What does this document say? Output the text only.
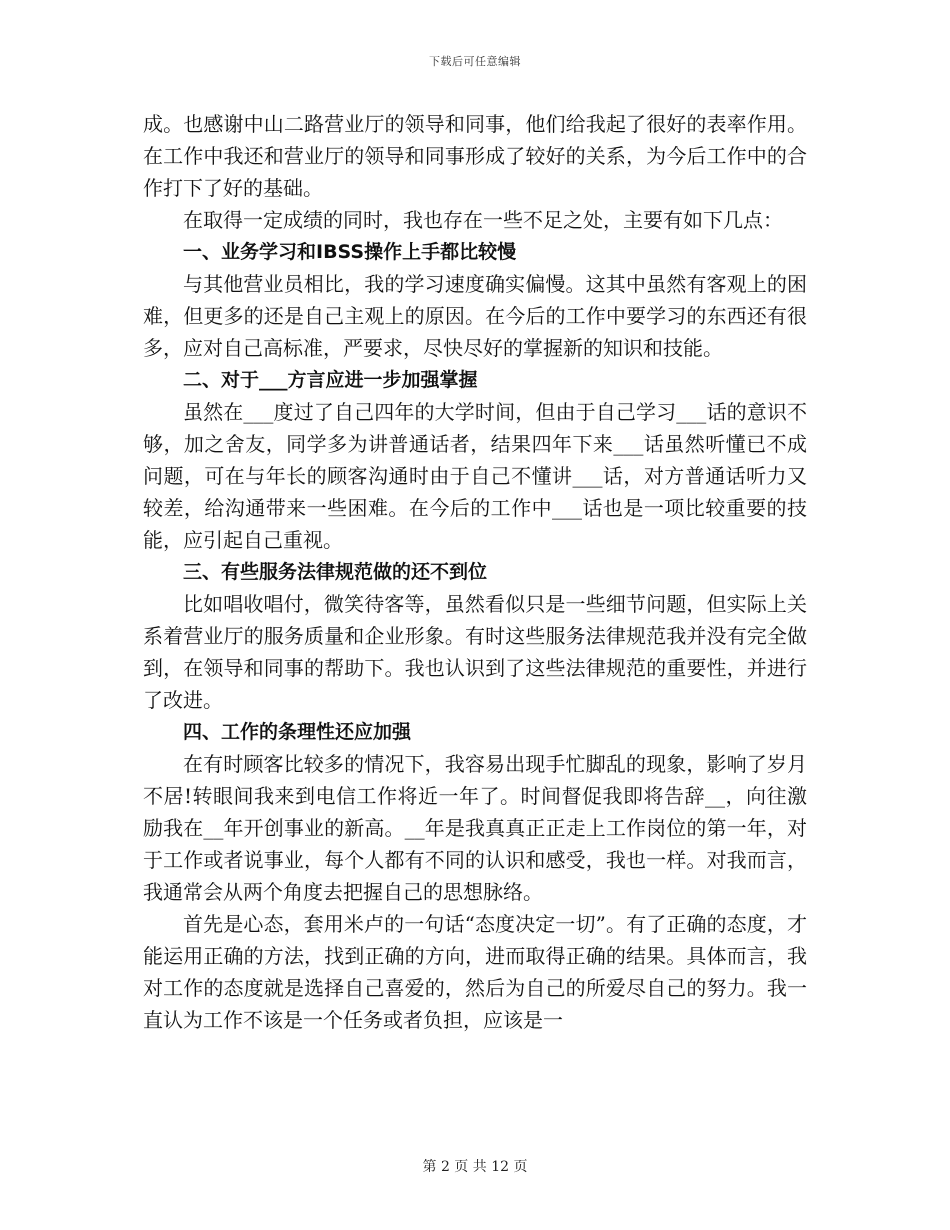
下载后可任意编辑

成。也感谢中山二路营业厅的领导和同事，他们给我起了很好的表率作用。在工作中我还和营业厅的领导和同事形成了较好的关系，为今后工作中的合作打下了好的基础。

在取得一定成绩的同时，我也存在一些不足之处，主要有如下几点：

一、业务学习和IBSS操作上手都比较慢

与其他营业员相比，我的学习速度确实偏慢。这其中虽然有客观上的困难，但更多的还是自己主观上的原因。在今后的工作中要学习的东西还有很多，应对自己高标准，严要求，尽快尽好的掌握新的知识和技能。

二、对于___方言应进一步加强掌握

虽然在___度过了自己四年的大学时间，但由于自己学习___话的意识不够，加之舍友，同学多为讲普通话者，结果四年下来___话虽然听懂已不成问题，可在与年长的顾客沟通时由于自己不懂讲___话，对方普通话听力又较差，给沟通带来一些困难。在今后的工作中___话也是一项比较重要的技能，应引起自己重视。

三、有些服务法律规范做的还不到位

比如唱收唱付，微笑待客等，虽然看似只是一些细节问题，但实际上关系着营业厅的服务质量和企业形象。有时这些服务法律规范我并没有完全做到，在领导和同事的帮助下。我也认识到了这些法律规范的重要性，并进行了改进。

四、工作的条理性还应加强

在有时顾客比较多的情况下，我容易出现手忙脚乱的现象，影响了岁月不居!转眼间我来到电信工作将近一年了。时间督促我即将告辞__，向往激励我在__年开创事业的新高。__年是我真真正正走上工作岗位的第一年，对于工作或者说事业，每个人都有不同的认识和感受，我也一样。对我而言，我通常会从两个角度去把握自己的思想脉络。

首先是心态，套用米卢的一句话“态度决定一切”。有了正确的态度，才能运用正确的方法，找到正确的方向，进而取得正确的结果。具体而言，我对工作的态度就是选择自己喜爱的，然后为自己的所爱尽自己的努力。我一直认为工作不该是一个任务或者负担，应该是一

第 2 页 共 12 页
